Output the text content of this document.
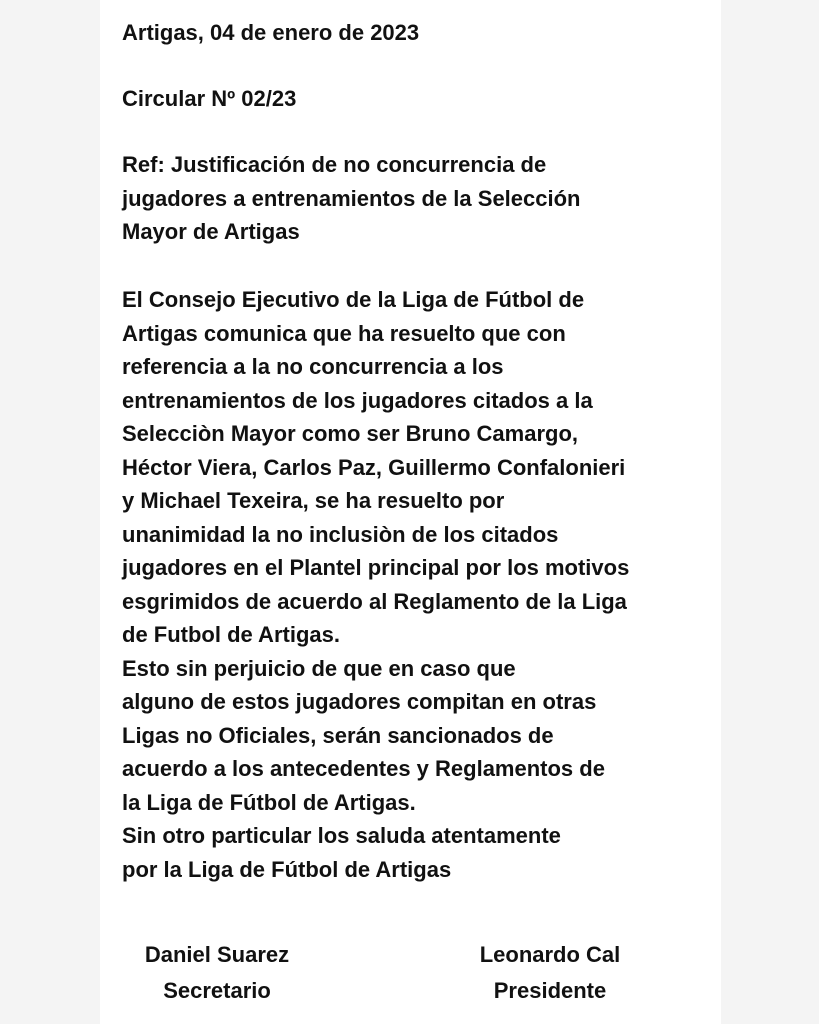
Artigas, 04 de enero de 2023

Circular Nº 02/23

Ref: Justificación de no concurrencia de
jugadores a entrenamientos de la Selección
Mayor de Artigas

El Consejo Ejecutivo de la Liga de Fútbol de
Artigas comunica que ha resuelto que con
referencia a la no concurrencia a los
entrenamientos de los jugadores citados a la
Selecciòn Mayor como ser Bruno Camargo,
Héctor Viera, Carlos Paz, Guillermo Confalonieri
y Michael Texeira, se ha resuelto por
unanimidad la no inclusiòn de los citados
jugadores en el Plantel principal por los motivos
esgrimidos de acuerdo al Reglamento de la Liga
de Futbol de Artigas.
Esto sin perjuicio de que en caso que
alguno de estos jugadores compitan en otras
Ligas no Oficiales, serán sancionados de
acuerdo a los antecedentes y Reglamentos de
la Liga de Fútbol de Artigas.
Sin otro particular los saluda atentamente
por la Liga de Fútbol de Artigas

Daniel Suarez
Secretario
Leonardo Cal
Presidente
